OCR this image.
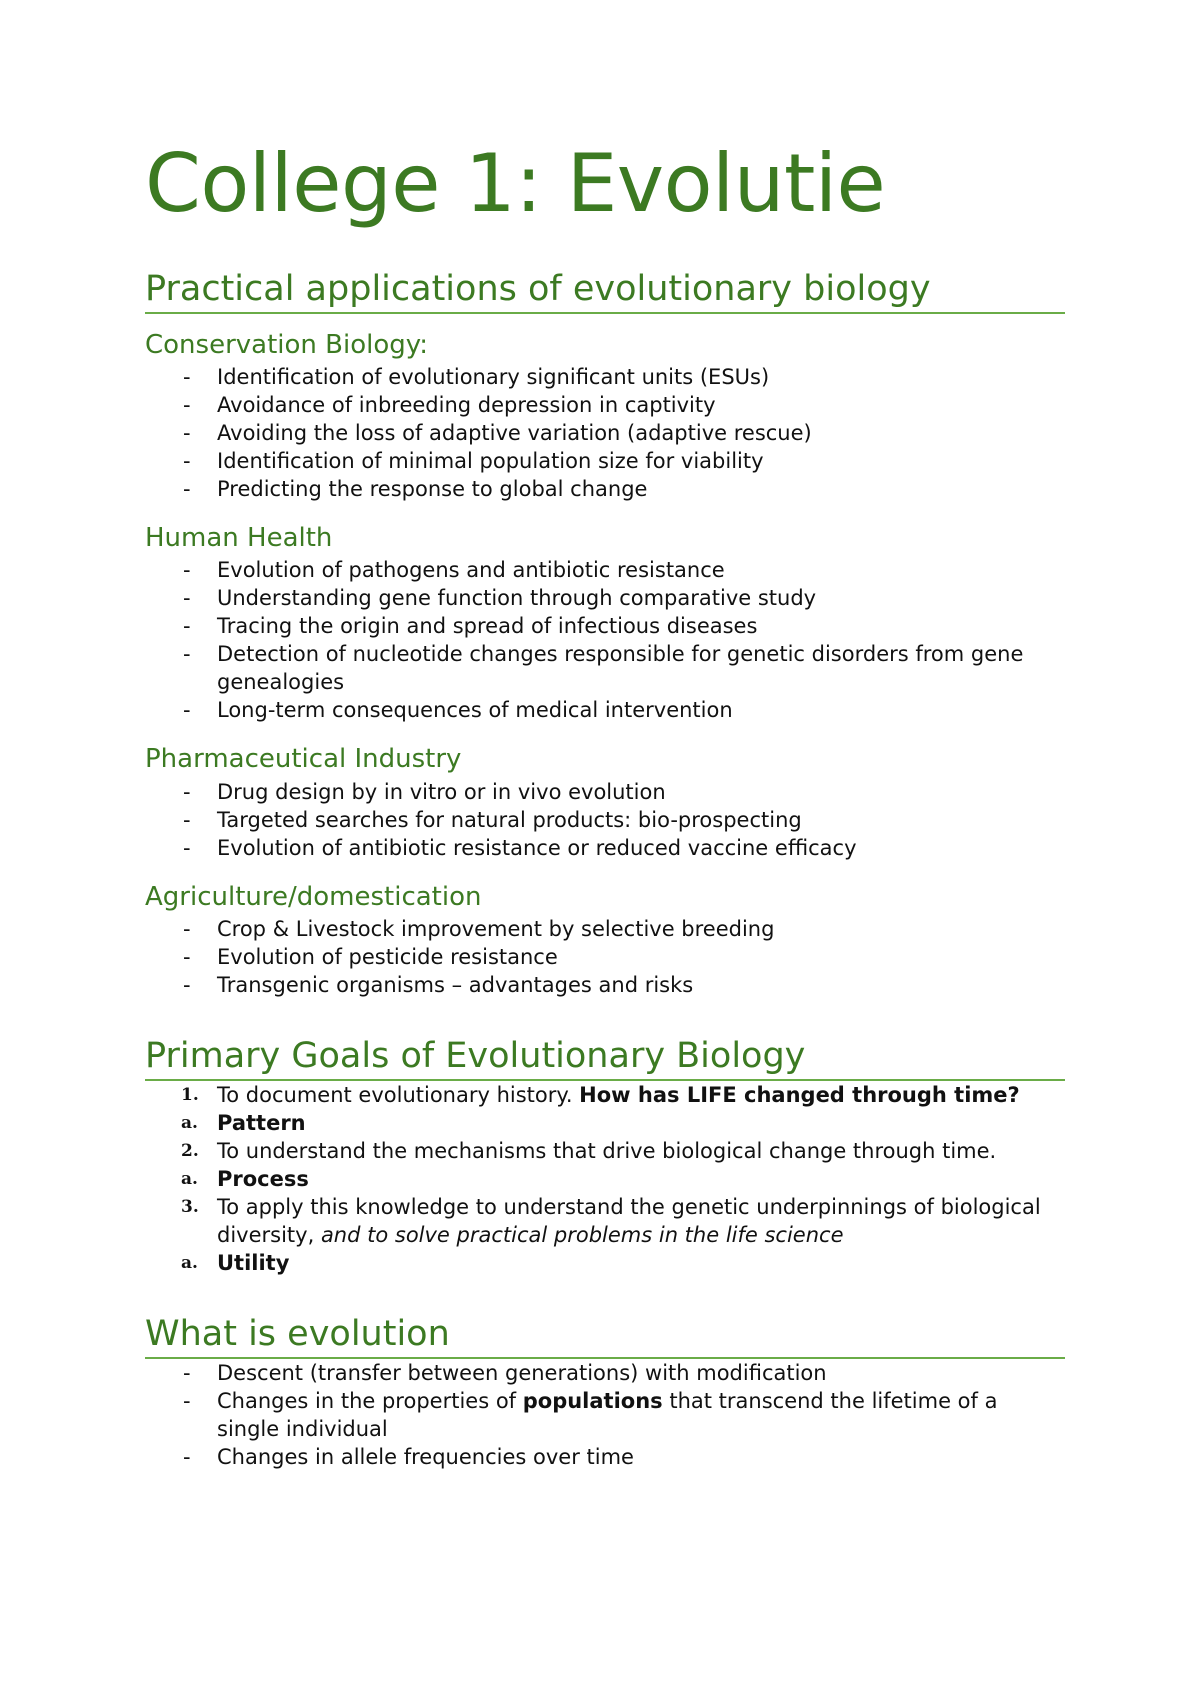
College 1: Evolutie
Practical applications of evolutionary biology
Conservation Biology:
- Identification of evolutionary significant units (ESUs)
- Avoidance of inbreeding depression in captivity
- Avoiding the loss of adaptive variation (adaptive rescue)
- Identification of minimal population size for viability
- Predicting the response to global change
Human Health
- Evolution of pathogens and antibiotic resistance
- Understanding gene function through comparative study
- Tracing the origin and spread of infectious diseases
- Detection of nucleotide changes responsible for genetic disorders from gene genealogies
- Long-term consequences of medical intervention
Pharmaceutical Industry
- Drug design by in vitro or in vivo evolution
- Targeted searches for natural products: bio-prospecting
- Evolution of antibiotic resistance or reduced vaccine efficacy
Agriculture/domestication
- Crop & Livestock improvement by selective breeding
- Evolution of pesticide resistance
- Transgenic organisms – advantages and risks
Primary Goals of Evolutionary Biology
1. To document evolutionary history. How has LIFE changed through time?
a. Pattern
2. To understand the mechanisms that drive biological change through time.
a. Process
3. To apply this knowledge to understand the genetic underpinnings of biological diversity, and to solve practical problems in the life science
a. Utility
What is evolution
- Descent (transfer between generations) with modification
- Changes in the properties of populations that transcend the lifetime of a single individual
- Changes in allele frequencies over time
